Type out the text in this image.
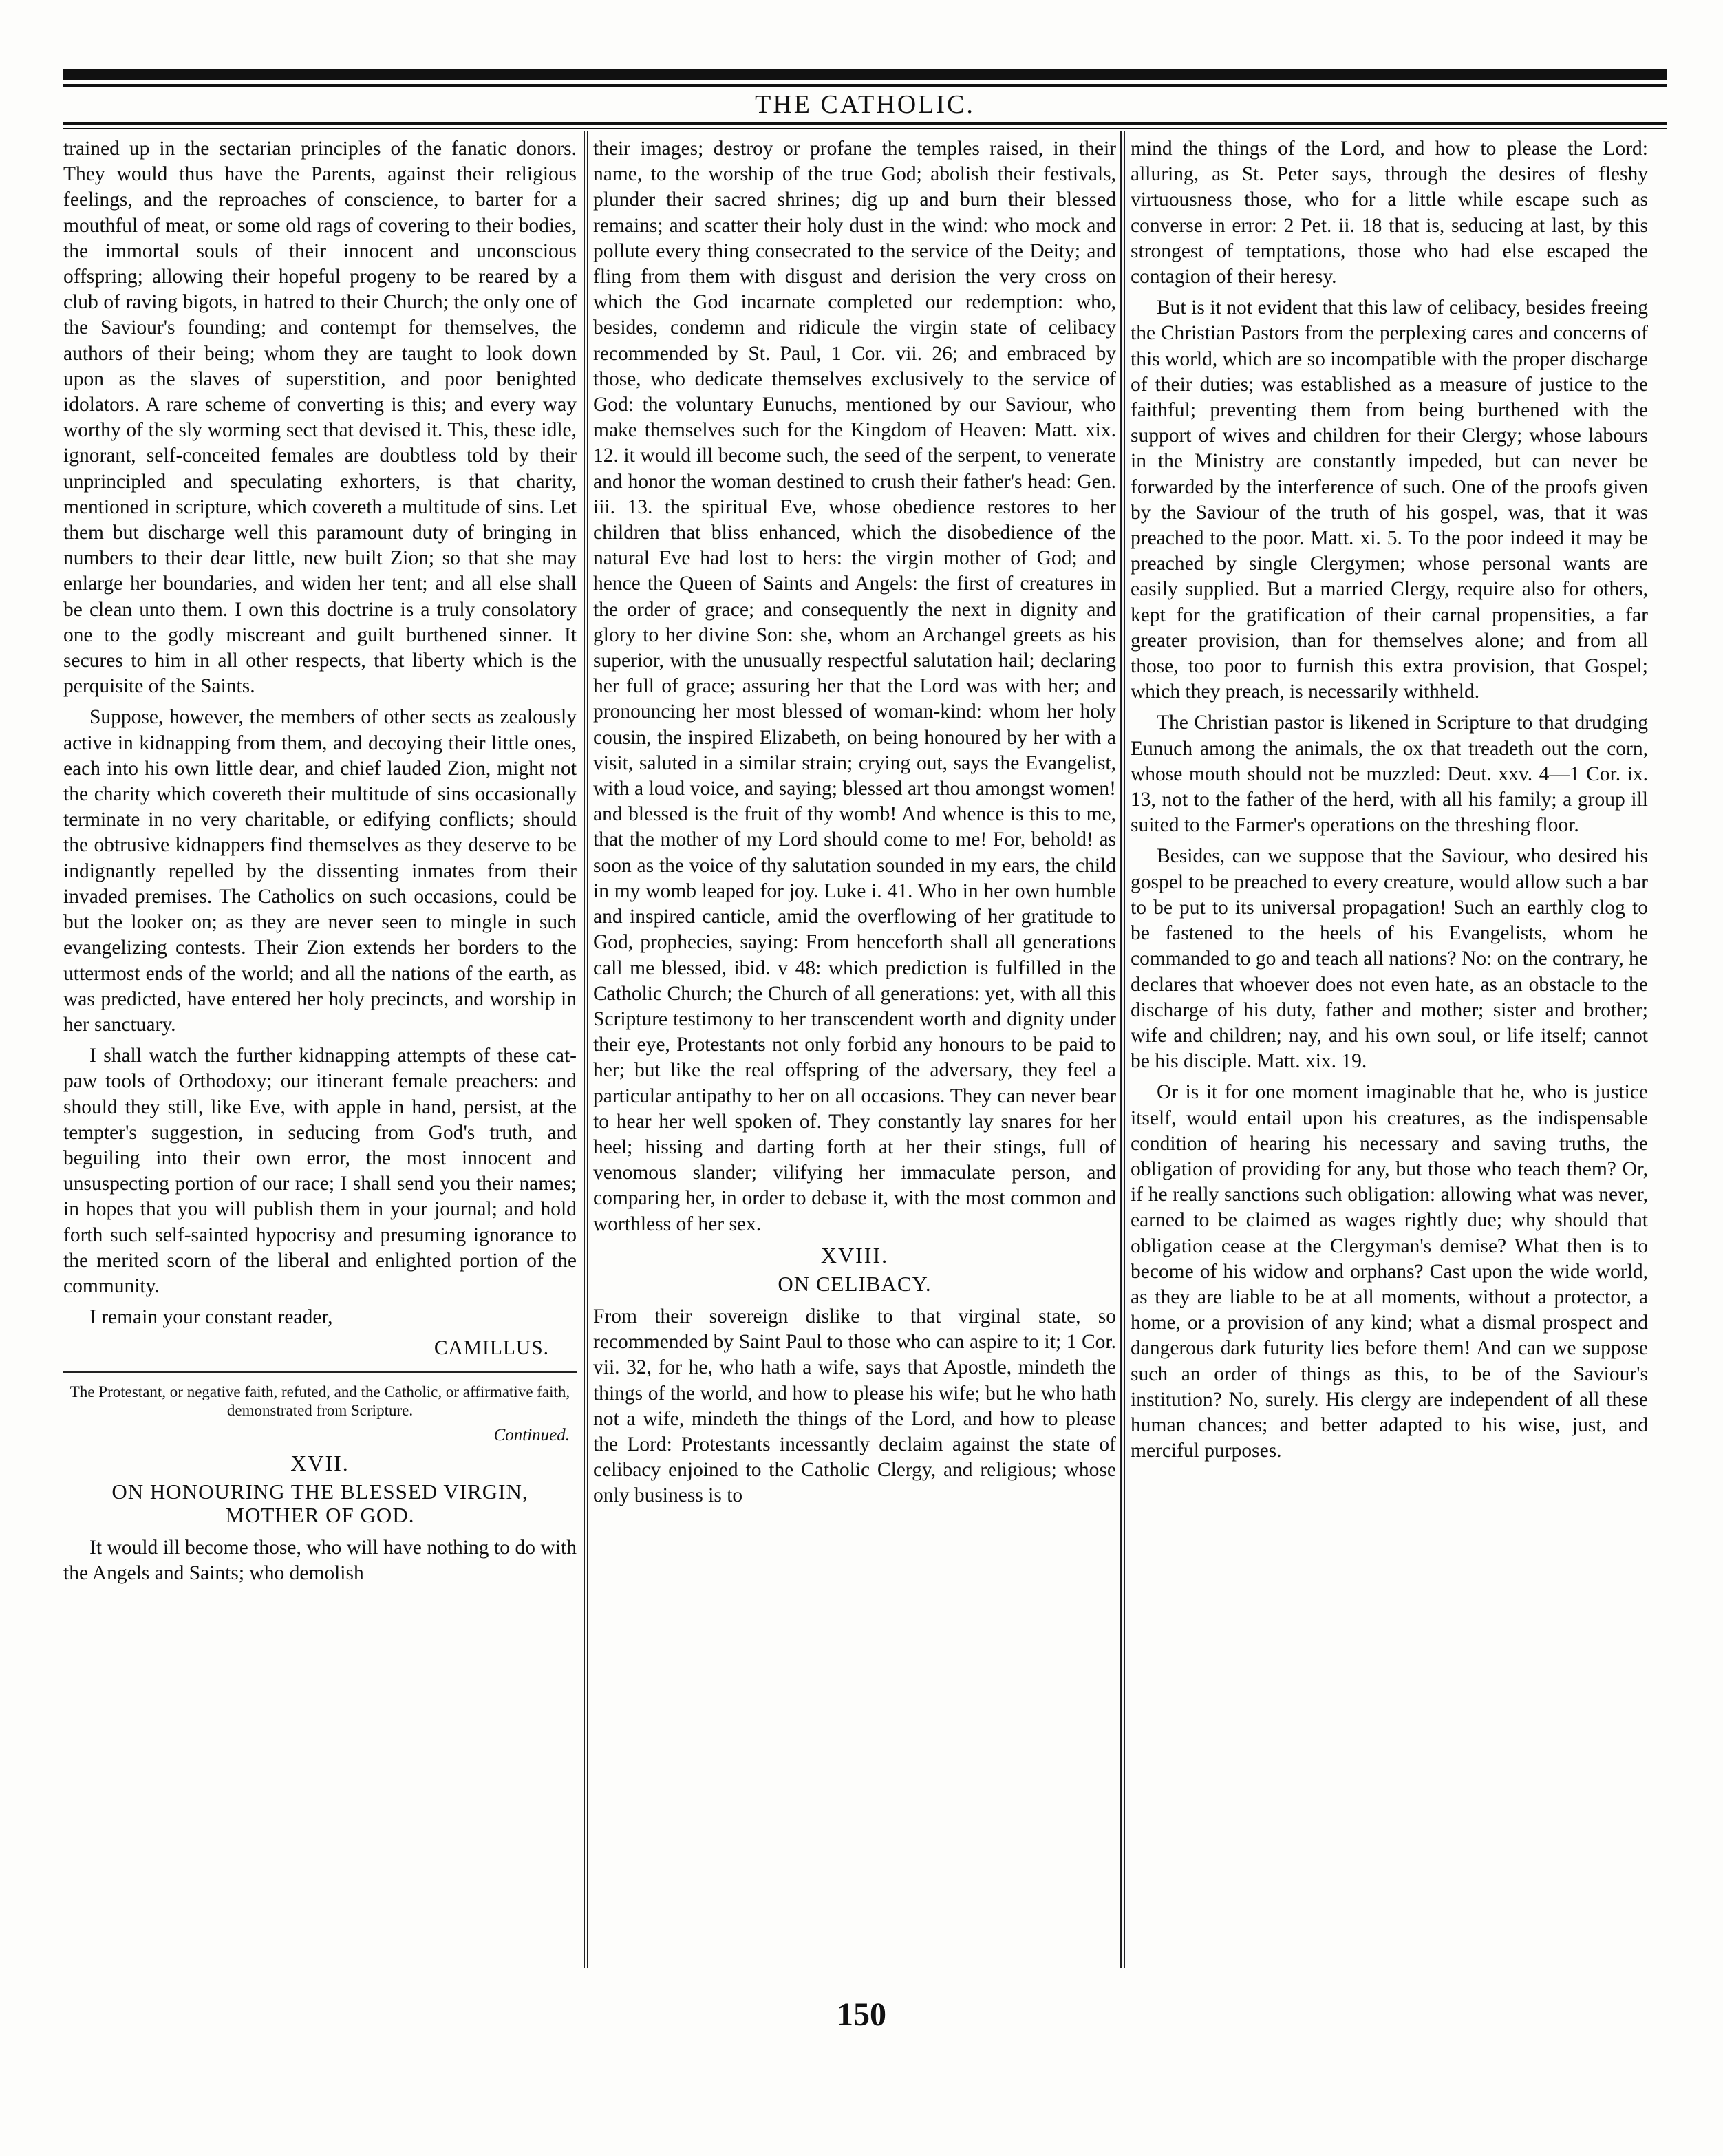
THE CATHOLIC.

trained up in the sectarian principles of the fanatic donors. They would thus have the Parents, against their religious feelings, and the reproaches of conscience, to barter for a mouthful of meat, or some old rags of covering to their bodies, the immortal souls of their innocent and unconscious offspring; allowing their hopeful progeny to be reared by a club of raving bigots, in hatred to their Church; the only one of the Saviour's founding; and contempt for themselves, the authors of their being; whom they are taught to look down upon as the slaves of superstition, and poor benighted idolators. A rare scheme of converting is this; and every way worthy of the sly worming sect that devised it. This, these idle, ignorant, self-conceited females are doubtless told by their unprincipled and speculating exhorters, is that charity, mentioned in scripture, which covereth a multitude of sins. Let them but discharge well this paramount duty of bringing in numbers to their dear little, new built Zion; so that she may enlarge her boundaries, and widen her tent; and all else shall be clean unto them. I own this doctrine is a truly consolatory one to the godly miscreant and guilt burthened sinner. It secures to him in all other respects, that liberty which is the perquisite of the Saints.

Suppose, however, the members of other sects as zealously active in kidnapping from them, and decoying their little ones, each into his own little dear, and chief lauded Zion, might not the charity which covereth their multitude of sins occasionally terminate in no very charitable, or edifying conflicts; should the obtrusive kidnappers find themselves as they deserve to be indignantly repelled by the dissenting inmates from their invaded premises. The Catholics on such occasions, could be but the looker on; as they are never seen to mingle in such evangelizing contests. Their Zion extends her borders to the uttermost ends of the world; and all the nations of the earth, as was predicted, have entered her holy precincts, and worship in her sanctuary.

I shall watch the further kidnapping attempts of these cat-paw tools of Orthodoxy; our itinerant female preachers: and should they still, like Eve, with apple in hand, persist, at the tempter's suggestion, in seducing from God's truth, and beguiling into their own error, the most innocent and unsuspecting portion of our race; I shall send you their names; in hopes that you will publish them in your journal; and hold forth such self-sainted hypocrisy and presuming ignorance to the merited scorn of the liberal and enlighted portion of the community.

I remain your constant reader,

CAMILLUS.

The Protestant, or negative faith, refuted, and the Catholic, or affirmative faith, demonstrated from Scripture.

Continued.
XVII.
ON HONOURING THE BLESSED VIRGIN, MOTHER OF GOD.

It would ill become those, who will have nothing to do with the Angels and Saints; who demolish

their images; destroy or profane the temples raised, in their name, to the worship of the true God; abolish their festivals, plunder their sacred shrines; dig up and burn their blessed remains; and scatter their holy dust in the wind: who mock and pollute every thing consecrated to the service of the Deity; and fling from them with disgust and derision the very cross on which the God incarnate completed our redemption: who, besides, condemn and ridicule the virgin state of celibacy recommended by St. Paul, 1 Cor. vii. 26; and embraced by those, who dedicate themselves exclusively to the service of God: the voluntary Eunuchs, mentioned by our Saviour, who make themselves such for the Kingdom of Heaven: Matt. xix. 12. it would ill become such, the seed of the serpent, to venerate and honor the woman destined to crush their father's head: Gen. iii. 13. the spiritual Eve, whose obedience restores to her children that bliss enhanced, which the disobedience of the natural Eve had lost to hers: the virgin mother of God; and hence the Queen of Saints and Angels: the first of creatures in the order of grace; and consequently the next in dignity and glory to her divine Son: she, whom an Archangel greets as his superior, with the unusually respectful salutation hail; declaring her full of grace; assuring her that the Lord was with her; and pronouncing her most blessed of woman-kind: whom her holy cousin, the inspired Elizabeth, on being honoured by her with a visit, saluted in a similar strain; crying out, says the Evangelist, with a loud voice, and saying; blessed art thou amongst women! and blessed is the fruit of thy womb! And whence is this to me, that the mother of my Lord should come to me! For, behold! as soon as the voice of thy salutation sounded in my ears, the child in my womb leaped for joy. Luke i. 41. Who in her own humble and inspired canticle, amid the overflowing of her gratitude to God, prophecies, saying: From henceforth shall all generations call me blessed, ibid. v 48: which prediction is fulfilled in the Catholic Church; the Church of all generations: yet, with all this Scripture testimony to her transcendent worth and dignity under their eye, Protestants not only forbid any honours to be paid to her; but like the real offspring of the adversary, they feel a particular antipathy to her on all occasions. They can never bear to hear her well spoken of. They constantly lay snares for her heel; hissing and darting forth at her their stings, full of venomous slander; vilifying her immaculate person, and comparing her, in order to debase it, with the most common and worthless of her sex.

XVIII.
ON CELIBACY.

From their sovereign dislike to that virginal state, so recommended by Saint Paul to those who can aspire to it; 1 Cor. vii. 32, for he, who hath a wife, says that Apostle, mindeth the things of the world, and how to please his wife; but he who hath not a wife, mindeth the things of the Lord, and how to please the Lord: Protestants incessantly declaim against the state of celibacy enjoined to the Catholic Clergy, and religious; whose only business is to

mind the things of the Lord, and how to please the Lord: alluring, as St. Peter says, through the desires of fleshy virtuousness those, who for a little while escape such as converse in error: 2 Pet. ii. 18 that is, seducing at last, by this strongest of temptations, those who had else escaped the contagion of their heresy.

But is it not evident that this law of celibacy, besides freeing the Christian Pastors from the perplexing cares and concerns of this world, which are so incompatible with the proper discharge of their duties; was established as a measure of justice to the faithful; preventing them from being burthened with the support of wives and children for their Clergy; whose labours in the Ministry are constantly impeded, but can never be forwarded by the interference of such. One of the proofs given by the Saviour of the truth of his gospel, was, that it was preached to the poor. Matt. xi. 5. To the poor indeed it may be preached by single Clergymen; whose personal wants are easily supplied. But a married Clergy, require also for others, kept for the gratification of their carnal propensities, a far greater provision, than for themselves alone; and from all those, too poor to furnish this extra provision, that Gospel; which they preach, is necessarily withheld.

The Christian pastor is likened in Scripture to that drudging Eunuch among the animals, the ox that treadeth out the corn, whose mouth should not be muzzled: Deut. xxv. 4—1 Cor. ix. 13, not to the father of the herd, with all his family; a group ill suited to the Farmer's operations on the threshing floor.

Besides, can we suppose that the Saviour, who desired his gospel to be preached to every creature, would allow such a bar to be put to its universal propagation! Such an earthly clog to be fastened to the heels of his Evangelists, whom he commanded to go and teach all nations? No: on the contrary, he declares that whoever does not even hate, as an obstacle to the discharge of his duty, father and mother; sister and brother; wife and children; nay, and his own soul, or life itself; cannot be his disciple. Matt. xix. 19.

Or is it for one moment imaginable that he, who is justice itself, would entail upon his creatures, as the indispensable condition of hearing his necessary and saving truths, the obligation of providing for any, but those who teach them? Or, if he really sanctions such obligation: allowing what was never, earned to be claimed as wages rightly due; why should that obligation cease at the Clergyman's demise? What then is to become of his widow and orphans? Cast upon the wide world, as they are liable to be at all moments, without a protector, a home, or a provision of any kind; what a dismal prospect and dangerous dark futurity lies before them! And can we suppose such an order of things as this, to be of the Saviour's institution? No, surely. His clergy are independent of all these human chances; and better adapted to his wise, just, and merciful purposes.

150
